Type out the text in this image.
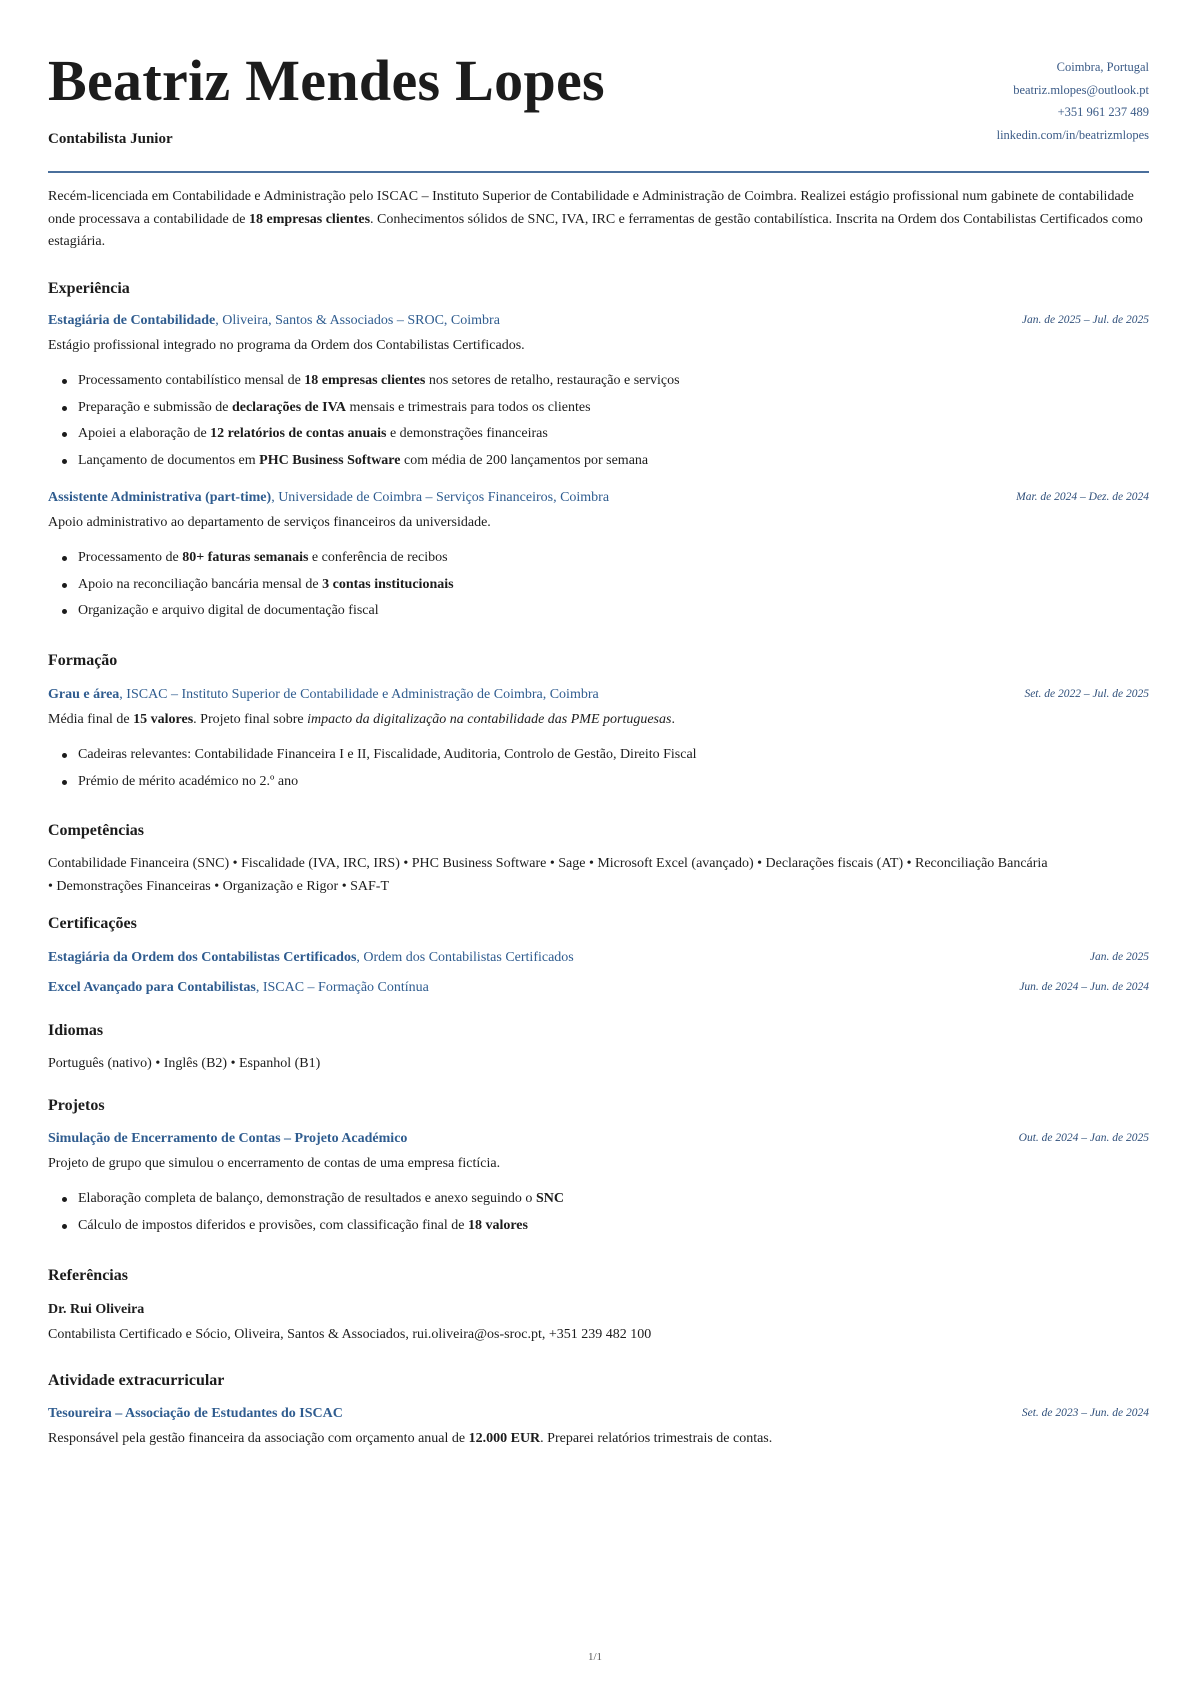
Beatriz Mendes Lopes
Contabilista Junior
Coimbra, Portugal
beatriz.mlopes@outlook.pt
+351 961 237 489
linkedin.com/in/beatrizmlopes
Recém-licenciada em Contabilidade e Administração pelo ISCAC – Instituto Superior de Contabilidade e Administração de Coimbra. Realizei estágio profissional num gabinete de contabilidade onde processava a contabilidade de 18 empresas clientes. Conhecimentos sólidos de SNC, IVA, IRC e ferramentas de gestão contabilística. Inscrita na Ordem dos Contabilistas Certificados como estagiária.
Experiência
Estagiária de Contabilidade, Oliveira, Santos & Associados – SROC, Coimbra	Jan. de 2025 – Jul. de 2025
Estágio profissional integrado no programa da Ordem dos Contabilistas Certificados.
Processamento contabilístico mensal de 18 empresas clientes nos setores de retalho, restauração e serviços
Preparação e submissão de declarações de IVA mensais e trimestrais para todos os clientes
Apoiei a elaboração de 12 relatórios de contas anuais e demonstrações financeiras
Lançamento de documentos em PHC Business Software com média de 200 lançamentos por semana
Assistente Administrativa (part-time), Universidade de Coimbra – Serviços Financeiros, Coimbra	Mar. de 2024 – Dez. de 2024
Apoio administrativo ao departamento de serviços financeiros da universidade.
Processamento de 80+ faturas semanais e conferência de recibos
Apoio na reconciliação bancária mensal de 3 contas institucionais
Organização e arquivo digital de documentação fiscal
Formação
Grau e área, ISCAC – Instituto Superior de Contabilidade e Administração de Coimbra, Coimbra	Set. de 2022 – Jul. de 2025
Média final de 15 valores. Projeto final sobre impacto da digitalização na contabilidade das PME portuguesas.
Cadeiras relevantes: Contabilidade Financeira I e II, Fiscalidade, Auditoria, Controlo de Gestão, Direito Fiscal
Prémio de mérito académico no 2.º ano
Competências
Contabilidade Financeira (SNC) • Fiscalidade (IVA, IRC, IRS) • PHC Business Software • Sage • Microsoft Excel (avançado) • Declarações fiscais (AT) • Reconciliação Bancária
• Demonstrações Financeiras • Organização e Rigor • SAF-T
Certificações
Estagiária da Ordem dos Contabilistas Certificados, Ordem dos Contabilistas Certificados	Jan. de 2025
Excel Avançado para Contabilistas, ISCAC – Formação Contínua	Jun. de 2024 – Jun. de 2024
Idiomas
Português (nativo) • Inglês (B2) • Espanhol (B1)
Projetos
Simulação de Encerramento de Contas – Projeto Académico	Out. de 2024 – Jan. de 2025
Projeto de grupo que simulou o encerramento de contas de uma empresa fictícia.
Elaboração completa de balanço, demonstração de resultados e anexo seguindo o SNC
Cálculo de impostos diferidos e provisões, com classificação final de 18 valores
Referências
Dr. Rui Oliveira
Contabilista Certificado e Sócio, Oliveira, Santos & Associados, rui.oliveira@os-sroc.pt, +351 239 482 100
Atividade extracurricular
Tesoureira – Associação de Estudantes do ISCAC	Set. de 2023 – Jun. de 2024
Responsável pela gestão financeira da associação com orçamento anual de 12.000 EUR. Preparei relatórios trimestrais de contas.
1/1
